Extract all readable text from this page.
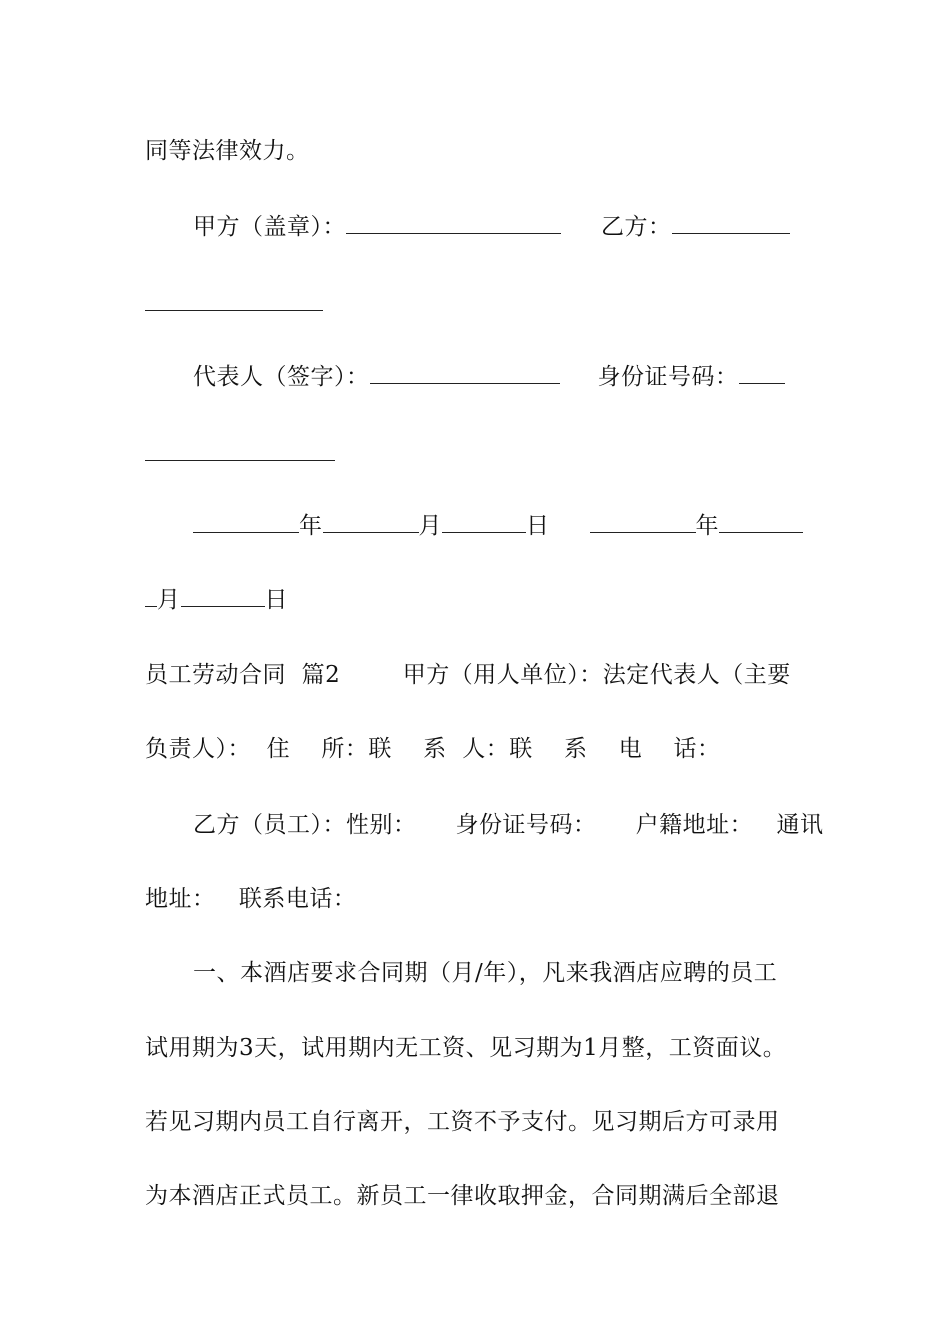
同等法律效力。
甲方（盖章）：	乙方：
代表人（签字）：	身份证号码：
年	月	日	年
月	日
员工劳动合同  篇2        甲方（用人单位）：法定代表人（主要
负责人）：  住    所：联    系  人：联    系    电    话：
乙方（员工）：性别：     身份证号码：     户籍地址：   通讯
地址：   联系电话：
一、本酒店要求合同期（月/年），凡来我酒店应聘的员工
试用期为3天，试用期内无工资、见习期为1月整，工资面议。
若见习期内员工自行离开，工资不予支付。见习期后方可录用
为本酒店正式员工。新员工一律收取押金，合同期满后全部退
